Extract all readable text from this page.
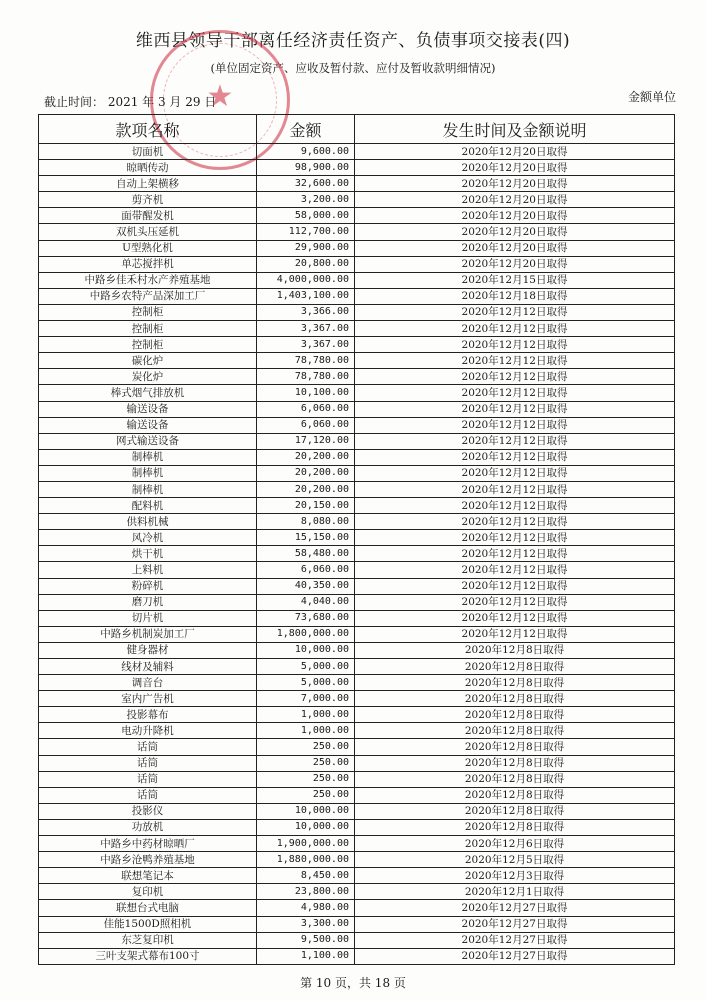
维西县领导干部离任经济责任资产、负债事项交接表(四)
(单位固定资产、应收及暂付款、应付及暂收款明细情况)
截止时间： 2021 年 3 月 29 日	金额单位
★
款项名称	金额	发生时间及金额说明
切面机	9,600.00	2020年12月20日取得
晾晒传动	98,900.00	2020年12月20日取得
自动上架横移	32,600.00	2020年12月20日取得
剪齐机	3,200.00	2020年12月20日取得
面带醒发机	58,000.00	2020年12月20日取得
双机头压延机	112,700.00	2020年12月20日取得
U型熟化机	29,900.00	2020年12月20日取得
单芯搅拌机	20,800.00	2020年12月20日取得
中路乡佳禾村水产养殖基地	4,000,000.00	2020年12月15日取得
中路乡农特产品深加工厂	1,403,100.00	2020年12月18日取得
控制柜	3,366.00	2020年12月12日取得
控制柜	3,367.00	2020年12月12日取得
控制柜	3,367.00	2020年12月12日取得
碳化炉	78,780.00	2020年12月12日取得
炭化炉	78,780.00	2020年12月12日取得
棒式烟气排放机	10,100.00	2020年12月12日取得
输送设备	6,060.00	2020年12月12日取得
输送设备	6,060.00	2020年12月12日取得
网式输送设备	17,120.00	2020年12月12日取得
制棒机	20,200.00	2020年12月12日取得
制棒机	20,200.00	2020年12月12日取得
制棒机	20,200.00	2020年12月12日取得
配料机	20,150.00	2020年12月12日取得
供料机械	8,080.00	2020年12月12日取得
风冷机	15,150.00	2020年12月12日取得
烘干机	58,480.00	2020年12月12日取得
上料机	6,060.00	2020年12月12日取得
粉碎机	40,350.00	2020年12月12日取得
磨刀机	4,040.00	2020年12月12日取得
切片机	73,680.00	2020年12月12日取得
中路乡机制炭加工厂	1,800,000.00	2020年12月12日取得
健身器材	10,000.00	2020年12月8日取得
线材及辅料	5,000.00	2020年12月8日取得
调音台	5,000.00	2020年12月8日取得
室内广告机	7,000.00	2020年12月8日取得
投影幕布	1,000.00	2020年12月8日取得
电动升降机	1,000.00	2020年12月8日取得
话筒	250.00	2020年12月8日取得
话筒	250.00	2020年12月8日取得
话筒	250.00	2020年12月8日取得
话筒	250.00	2020年12月8日取得
投影仪	10,000.00	2020年12月8日取得
功放机	10,000.00	2020年12月8日取得
中路乡中药材晾晒厂	1,900,000.00	2020年12月6日取得
中路乡沧鸭养殖基地	1,880,000.00	2020年12月5日取得
联想笔记本	8,450.00	2020年12月3日取得
复印机	23,800.00	2020年12月1日取得
联想台式电脑	4,980.00	2020年12月27日取得
佳能1500D照相机	3,300.00	2020年12月27日取得
东芝复印机	9,500.00	2020年12月27日取得
三叶支架式幕布100寸	1,100.00	2020年12月27日取得
第 10 页，共 18 页
